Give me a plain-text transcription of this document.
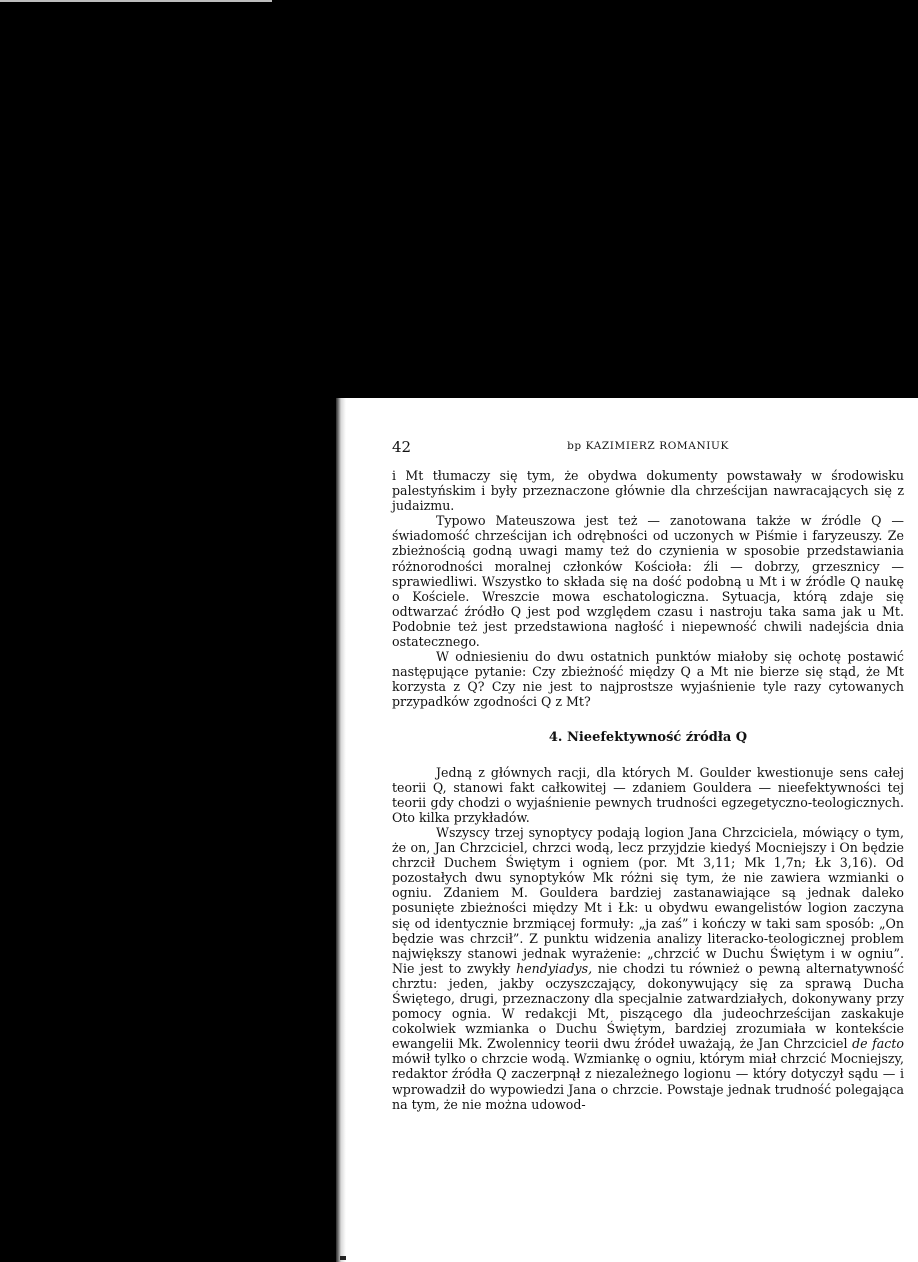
42	bp KAZIMIERZ ROMANIUK

i Mt tłumaczy się tym, że obydwa dokumenty powstawały w środowisku palestyńskim i były przeznaczone głównie dla chrześcijan nawracających się z judaizmu.

Typowo Mateuszowa jest też — zanotowana także w źródle Q — świadomość chrześcijan ich odrębności od uczonych w Piśmie i faryzeuszy. Ze zbieżnością godną uwagi mamy też do czynienia w sposobie przedstawiania różnorodności moralnej członków Kościoła: źli — dobrzy, grzesznicy — sprawiedliwi. Wszystko to składa się na dość podobną u Mt i w źródle Q naukę o Kościele. Wreszcie mowa eschatologiczna. Sytuacja, którą zdaje się odtwarzać źródło Q jest pod względem czasu i nastroju taka sama jak u Mt. Podobnie też jest przedstawiona nagłość i niepewność chwili nadejścia dnia ostatecznego.

W odniesieniu do dwu ostatnich punktów miałoby się ochotę postawić następujące pytanie: Czy zbieżność między Q a Mt nie bierze się stąd, że Mt korzysta z Q? Czy nie jest to najprostsze wyjaśnienie tyle razy cytowanych przypadków zgodności Q z Mt?

4. Nieefektywność źródła Q

Jedną z głównych racji, dla których M. Goulder kwestionuje sens całej teorii Q, stanowi fakt całkowitej — zdaniem Gouldera — nieefektywności tej teorii gdy chodzi o wyjaśnienie pewnych trudności egzegetyczno-teologicznych. Oto kilka przykładów.

Wszyscy trzej synoptycy podają logion Jana Chrzciciela, mówiący o tym, że on, Jan Chrzciciel, chrzci wodą, lecz przyjdzie kiedyś Mocniejszy i On będzie chrzcił Duchem Świętym i ogniem (por. Mt 3,11; Mk 1,7n; Łk 3,16). Od pozostałych dwu synoptyków Mk różni się tym, że nie zawiera wzmianki o ogniu. Zdaniem M. Gouldera bardziej zastanawiające są jednak daleko posunięte zbieżności między Mt i Łk: u obydwu ewangelistów logion zaczyna się od identycznie brzmiącej formuły: „ja zaś” i kończy w taki sam sposób: „On będzie was chrzcił”. Z punktu widzenia analizy literacko-teologicznej problem największy stanowi jednak wyrażenie: „chrzcić w Duchu Świętym i w ogniu”. Nie jest to zwykły hendyiadys, nie chodzi tu również o pewną alternatywność chrztu: jeden, jakby oczyszczający, dokonywujący się za sprawą Ducha Świętego, drugi, przeznaczony dla specjalnie zatwardziałych, dokonywany przy pomocy ognia. W redakcji Mt, piszącego dla judeochrześcijan zaskakuje cokolwiek wzmianka o Duchu Świętym, bardziej zrozumiała w kontekście ewangelii Mk. Zwolennicy teorii dwu źródeł uważają, że Jan Chrzciciel de facto mówił tylko o chrzcie wodą. Wzmiankę o ogniu, którym miał chrzcić Mocniejszy, redaktor źródła Q zaczerpnął z niezależnego logionu — który dotyczył sądu — i wprowadził do wypowiedzi Jana o chrzcie. Powstaje jednak trudność polegająca na tym, że nie można udowod-
